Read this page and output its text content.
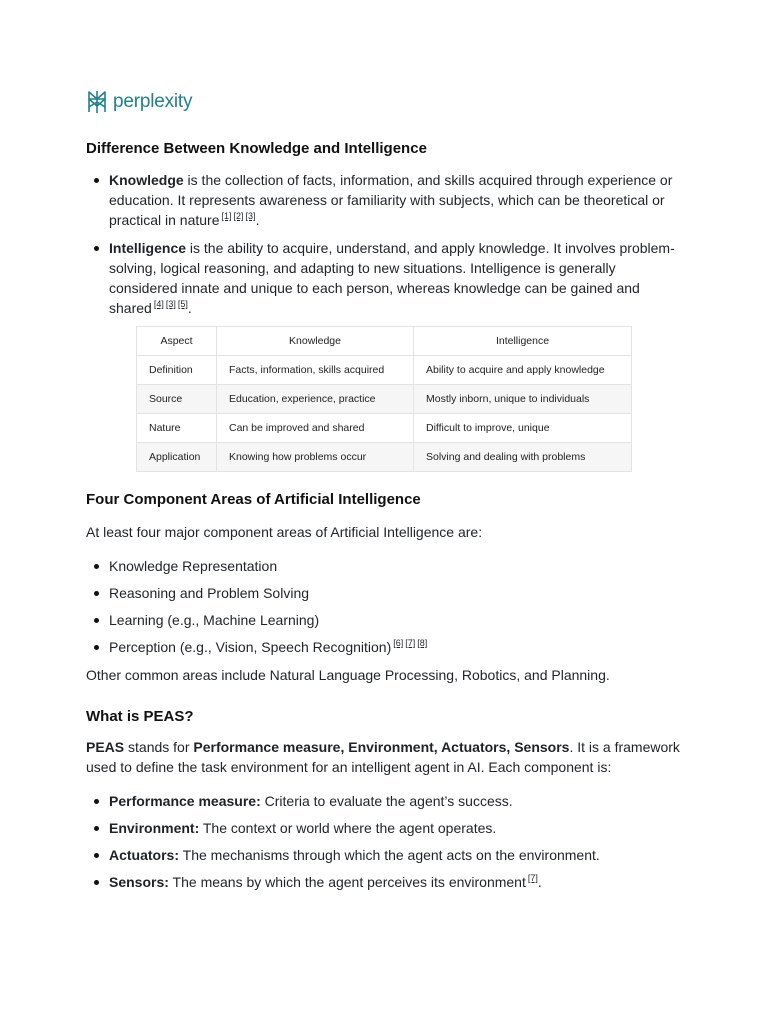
perplexity
Difference Between Knowledge and Intelligence
Knowledge is the collection of facts, information, and skills acquired through experience or education. It represents awareness or familiarity with subjects, which can be theoretical or practical in nature [1] [2] [3].
Intelligence is the ability to acquire, understand, and apply knowledge. It involves problem-solving, logical reasoning, and adapting to new situations. Intelligence is generally considered innate and unique to each person, whereas knowledge can be gained and shared [4] [3] [5].
Aspect	Knowledge	Intelligence
Definition	Facts, information, skills acquired	Ability to acquire and apply knowledge
Source	Education, experience, practice	Mostly inborn, unique to individuals
Nature	Can be improved and shared	Difficult to improve, unique
Application	Knowing how problems occur	Solving and dealing with problems
Four Component Areas of Artificial Intelligence

At least four major component areas of Artificial Intelligence are:

Knowledge Representation
Reasoning and Problem Solving
Learning (e.g., Machine Learning)
Perception (e.g., Vision, Speech Recognition) [6] [7] [8]

Other common areas include Natural Language Processing, Robotics, and Planning.

What is PEAS?

PEAS stands for Performance measure, Environment, Actuators, Sensors. It is a framework used to define the task environment for an intelligent agent in AI. Each component is:

Performance measure: Criteria to evaluate the agent’s success.
Environment: The context or world where the agent operates.
Actuators: The mechanisms through which the agent acts on the environment.
Sensors: The means by which the agent perceives its environment [7].
